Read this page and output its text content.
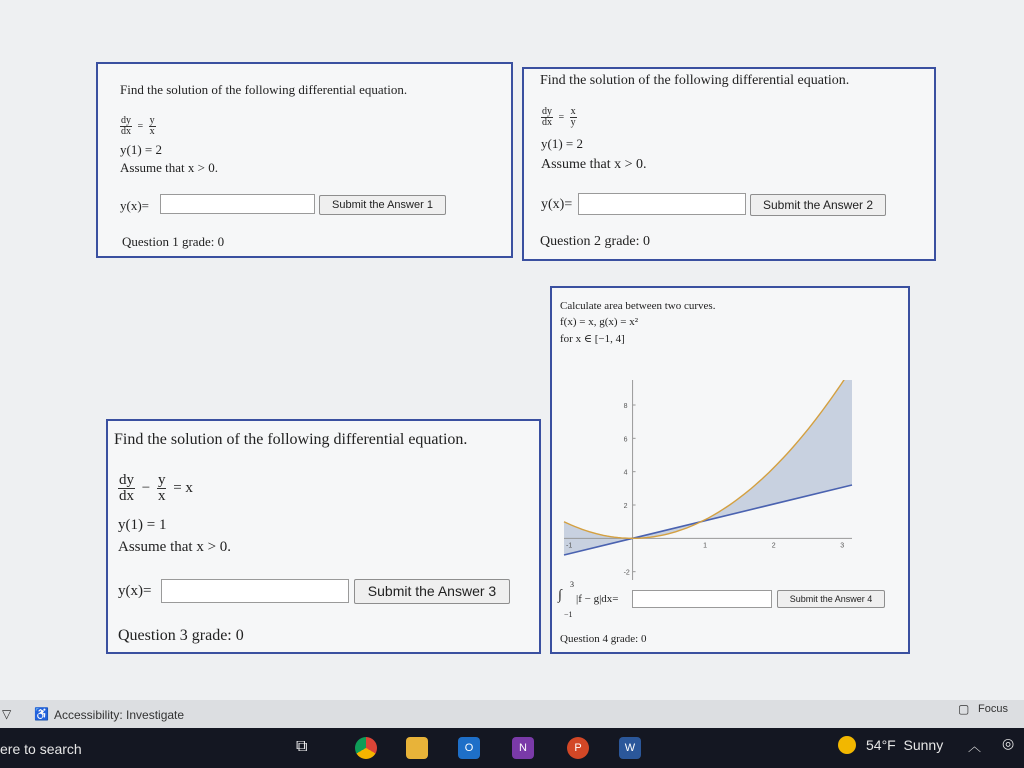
Find the solution of the following differential equation.
$\frac{dy}{dx} = \frac{y}{x}$
y(1) = 2
Assume that x > 0.
y(x)=	Submit the Answer 1
Question 1 grade: 0
Find the solution of the following differential equation.
$\frac{dy}{dx} = \frac{x}{y}$
y(1) = 2
Assume that x > 0.
y(x)=	Submit the Answer 2
Question 2 grade: 0
Find the solution of the following differential equation.
$\frac{dy}{dx} - \frac{y}{x} = x$
y(1) = 1
Assume that x > 0.
y(x)=	Submit the Answer 3
Question 3 grade: 0
Calculate area between two curves.
f(x) = x, g(x) = x²
for x ∈ [−1, 4]
-1	1	2	3
8
6
4
2
-2
∫
3
−1
|f − g|dx=	Submit the Answer 4
Question 4 grade: 0
▽ ♿ Accessibility: Investigate	▢ Focus
ere to search	⧉	O	N	P	W	54°F  Sunny ︿ ◎
